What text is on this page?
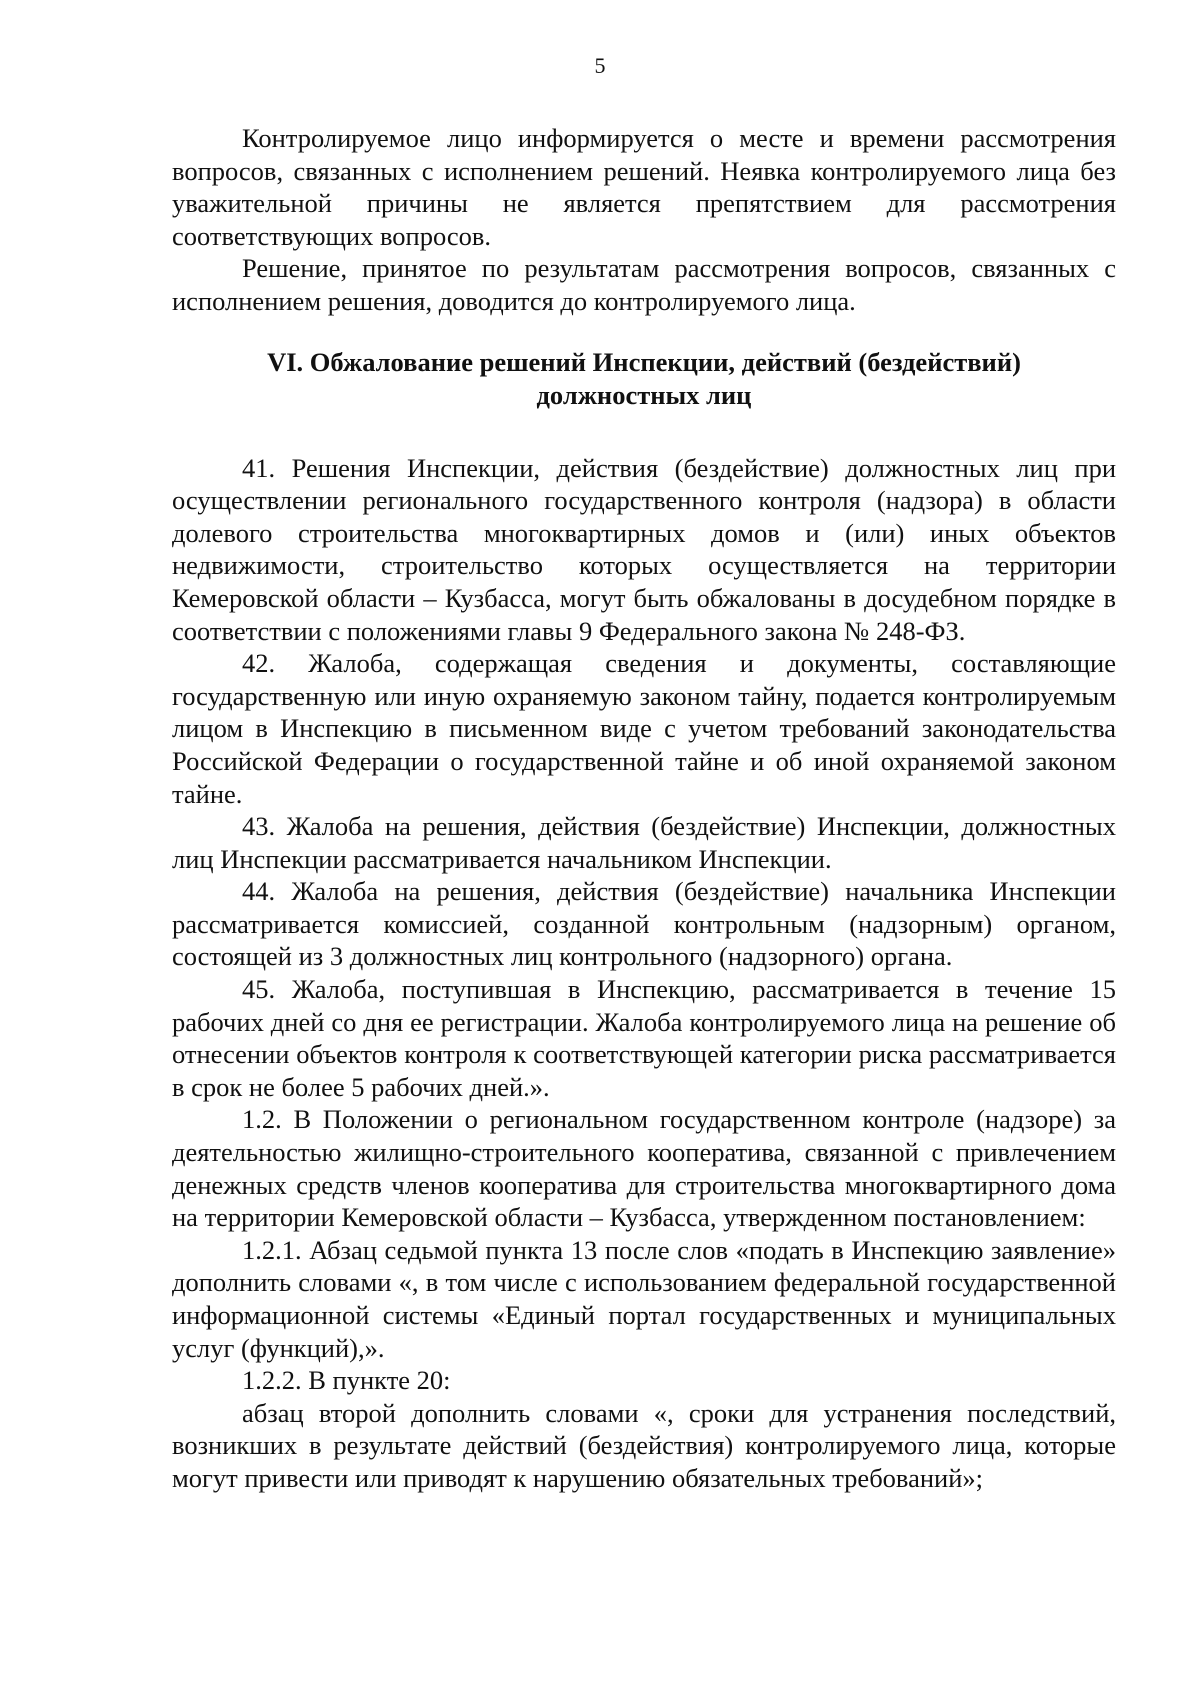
5

Контролируемое лицо информируется о месте и времени рассмотрения вопросов, связанных с исполнением решений. Неявка контролируемого лица без уважительной причины не является препятствием для рассмотрения соответствующих вопросов.

Решение, принятое по результатам рассмотрения вопросов, связанных с исполнением решения, доводится до контролируемого лица.

VI. Обжалование решений Инспекции, действий (бездействий)
должностных лиц

41. Решения Инспекции, действия (бездействие) должностных лиц при осуществлении регионального государственного контроля (надзора) в области долевого строительства многоквартирных домов и (или) иных объектов недвижимости, строительство которых осуществляется на территории Кемеровской области – Кузбасса, могут быть обжалованы в досудебном порядке в соответствии с положениями главы 9 Федерального закона № 248-ФЗ.

42. Жалоба, содержащая сведения и документы, составляющие государственную или иную охраняемую законом тайну, подается контролируемым лицом в Инспекцию в письменном виде с учетом требований законодательства Российской Федерации о государственной тайне и об иной охраняемой законом тайне.

43. Жалоба на решения, действия (бездействие) Инспекции, должностных лиц Инспекции рассматривается начальником Инспекции.

44. Жалоба на решения, действия (бездействие) начальника Инспекции рассматривается комиссией, созданной контрольным (надзорным) органом, состоящей из 3 должностных лиц контрольного (надзорного) органа.

45. Жалоба, поступившая в Инспекцию, рассматривается в течение 15 рабочих дней со дня ее регистрации. Жалоба контролируемого лица на решение об отнесении объектов контроля к соответствующей категории риска рассматривается в срок не более 5 рабочих дней.».

1.2. В Положении о региональном государственном контроле (надзоре) за деятельностью жилищно-строительного кооператива, связанной с привлечением денежных средств членов кооператива для строительства многоквартирного дома на территории Кемеровской области – Кузбасса, утвержденном постановлением:

1.2.1. Абзац седьмой пункта 13 после слов «подать в Инспекцию заявление» дополнить словами «, в том числе с использованием федеральной государственной информационной системы «Единый портал государственных и муниципальных услуг (функций),».

1.2.2. В пункте 20:

абзац второй дополнить словами «, сроки для устранения последствий, возникших в результате действий (бездействия) контролируемого лица, которые могут привести или приводят к нарушению обязательных требований»;
